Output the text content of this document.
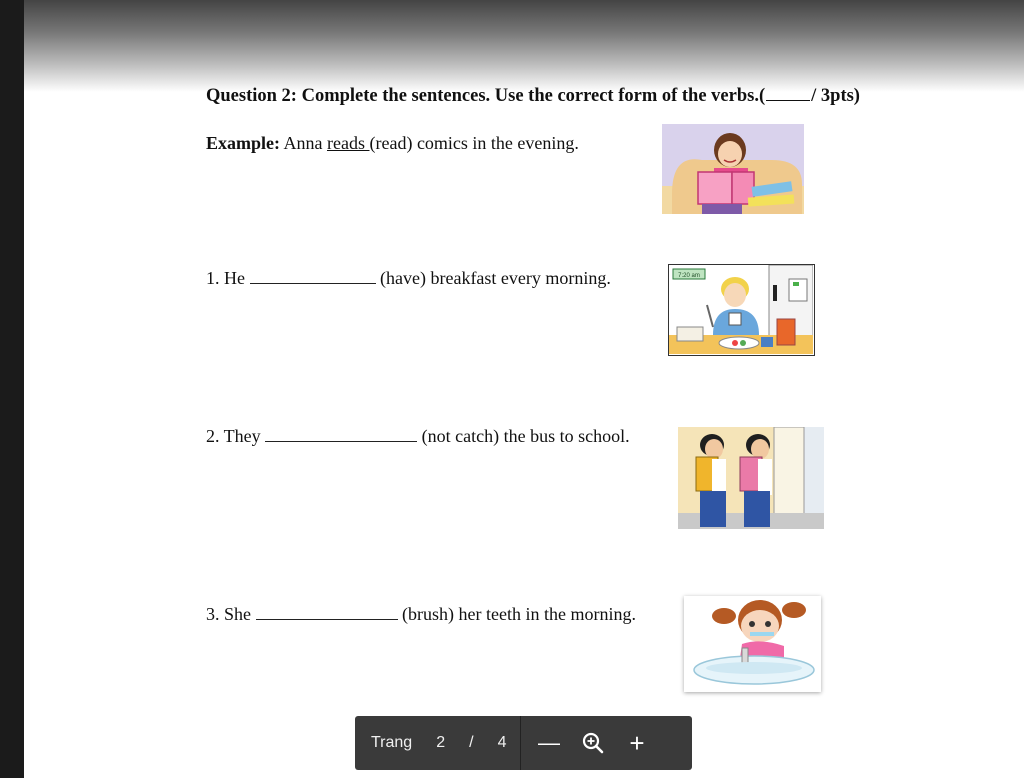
Question 2: Complete the sentences. Use the correct form of the verbs.( / 3pts)
Example: Anna reads (read) comics in the evening.
1. He	(have) breakfast every morning.	7:20 am
2. They	(not catch) the bus to school.
3. She	(brush) her teeth in the morning.
Trang 2 / 4	—	+
